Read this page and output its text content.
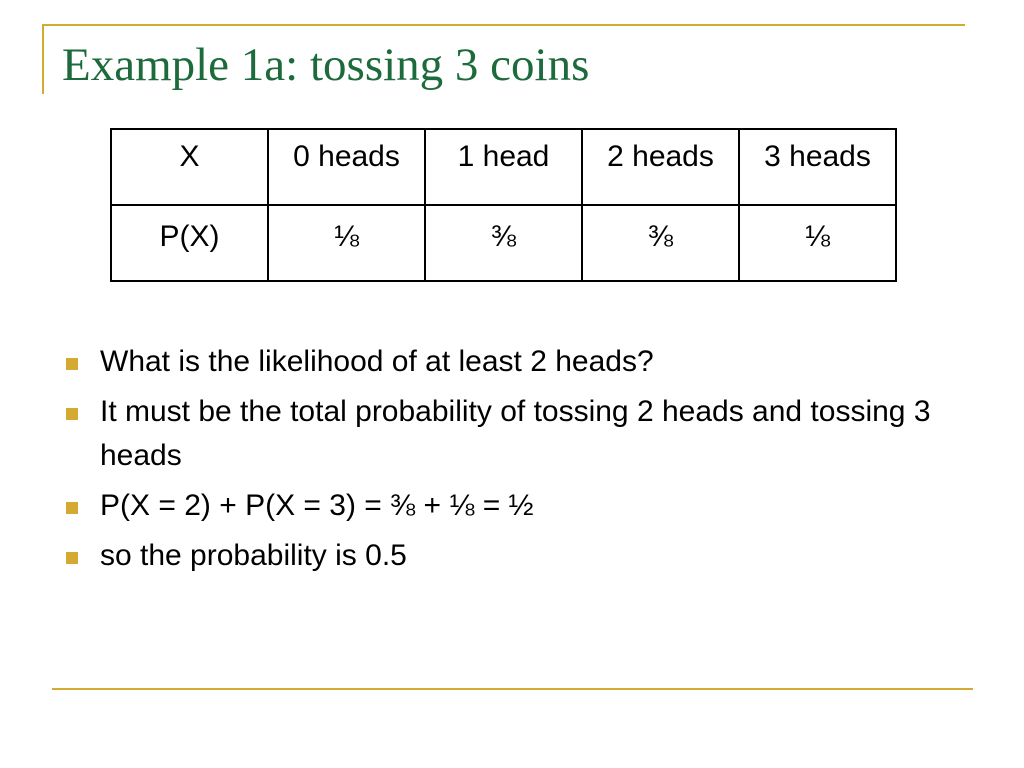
Example 1a: tossing 3 coins
X	0 heads	1 head	2 heads	3 heads
P(X)	⅛	⅜	⅜	⅛
What is the likelihood of at least 2 heads?
It must be the total probability of tossing 2 heads and tossing 3 heads
P(X = 2) + P(X = 3) = ⅜ + ⅛ = ½
so the probability is 0.5
